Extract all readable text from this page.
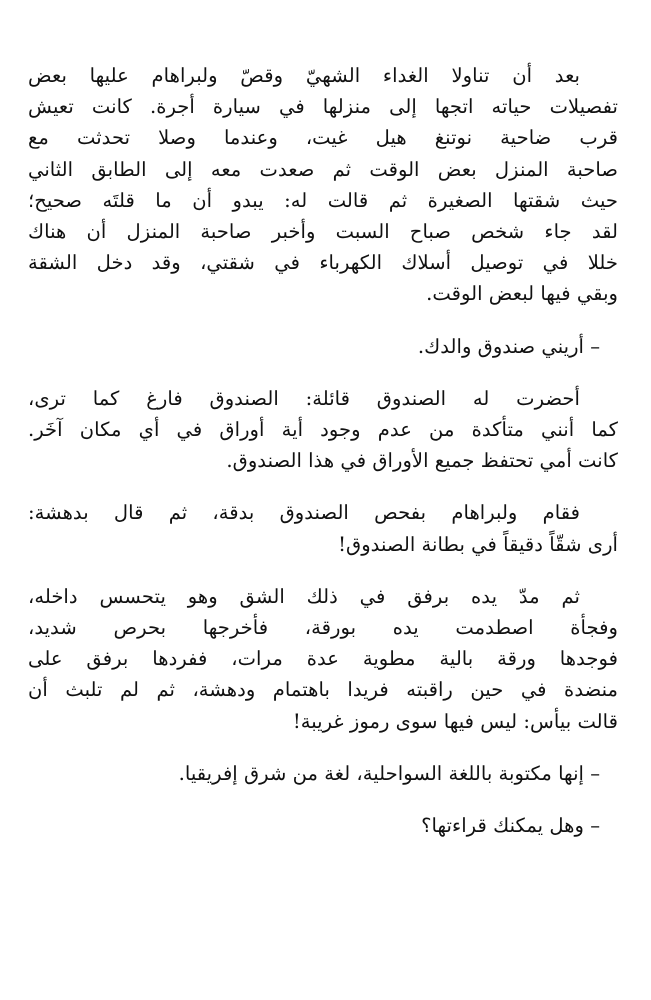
بعد أن تناولا الغداء الشهيّ وقصّ ولبراهام عليها بعض
تفصيلات حياته اتجها إلى منزلها في سيارة أجرة. كانت تعيش
قرب ضاحية نوتنغ هيل غيت، وعندما وصلا تحدثت مع
صاحبة المنزل بعض الوقت ثم صعدت معه إلى الطابق الثاني
حيث شقتها الصغيرة ثم قالت له: يبدو أن ما قلتَه صحيح؛
لقد جاء شخص صباح السبت وأخبر صاحبة المنزل أن هناك
خللا في توصيل أسلاك الكهرباء في شقتي، وقد دخل الشقة
وبقي فيها لبعض الوقت.

– أريني صندوق والدك.

أحضرت له الصندوق قائلة: الصندوق فارغ كما ترى،
كما أنني متأكدة من عدم وجود أية أوراق في أي مكان آخَر.
كانت أمي تحتفظ جميع الأوراق في هذا الصندوق.

فقام ولبراهام بفحص الصندوق بدقة، ثم قال بدهشة:
أرى شقّاً دقيقاً في بطانة الصندوق!

ثم مدّ يده برفق في ذلك الشق وهو يتحسس داخله،
وفجأة اصطدمت يده بورقة، فأخرجها بحرص شديد،
فوجدها ورقة بالية مطوية عدة مرات، ففردها برفق على
منضدة في حين راقبته فريدا باهتمام ودهشة، ثم لم تلبث أن
قالت بيأس: ليس فيها سوى رموز غريبة!

– إنها مكتوبة باللغة السواحلية، لغة من شرق إفريقيا.

– وهل يمكنك قراءتها؟
